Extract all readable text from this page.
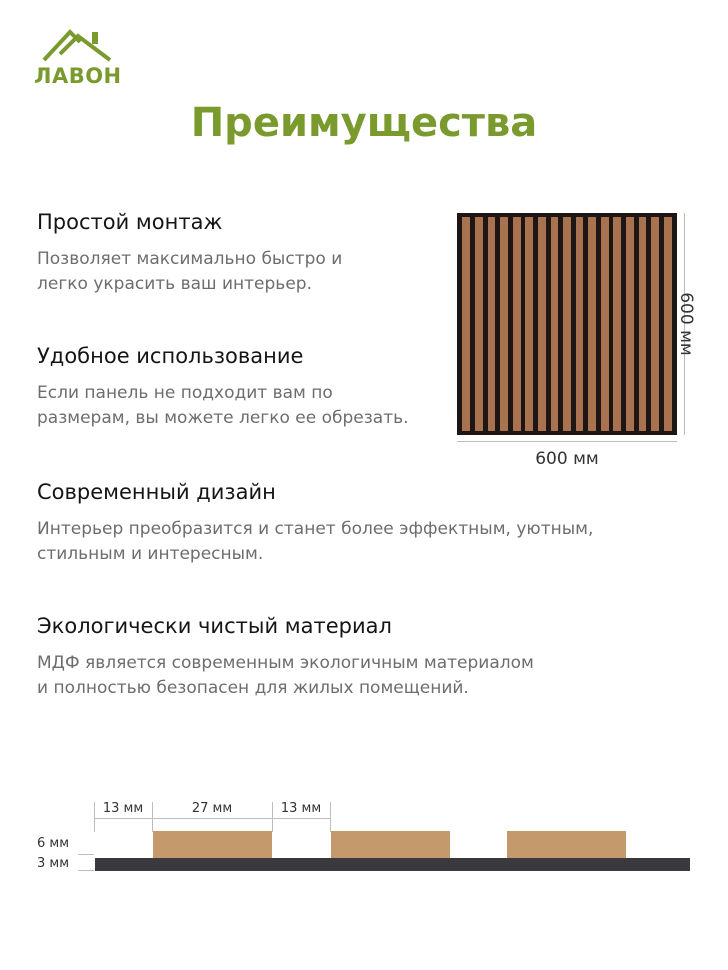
ЛАВОН
Преимущества
Простой монтаж
Позволяет максимально быстро и
легко украсить ваш интерьер.
Удобное использование
Если панель не подходит вам по
размерам, вы можете легко ее обрезать.
Современный дизайн
Интерьер преобразится и станет более эффектным, уютным,
стильным и интересным.
Экологически чистый материал
МДФ является современным экологичным материалом
и полностью безопасен для жилых помещений.
600 мм
600 мм
13 мм	27 мм	13 мм
6 мм
3 мм
